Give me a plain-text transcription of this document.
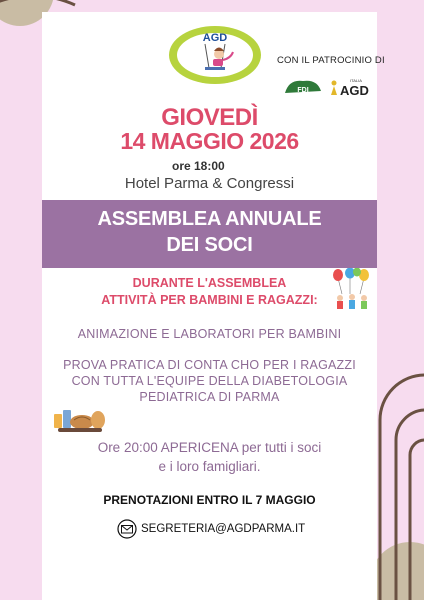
AGD
CON IL PATROCINIO DI
FDI
ITALIA
AGD
GIOVEDÌ
14 MAGGIO 2026
ore 18:00
Hotel Parma & Congressi
ASSEMBLEA ANNUALE
DEI SOCI
DURANTE L'ASSEMBLEA
ATTIVITÀ PER BAMBINI E RAGAZZI:
ANIMAZIONE E LABORATORI PER BAMBINI
PROVA PRATICA DI CONTA CHO PER I RAGAZZI
CON TUTTA L'EQUIPE DELLA DIABETOLOGIA
PEDIATRICA DI PARMA
Ore 20:00 APERICENA per tutti i soci
e i loro famigliari.
PRENOTAZIONI ENTRO IL 7 MAGGIO
SEGRETERIA@AGDPARMA.IT
